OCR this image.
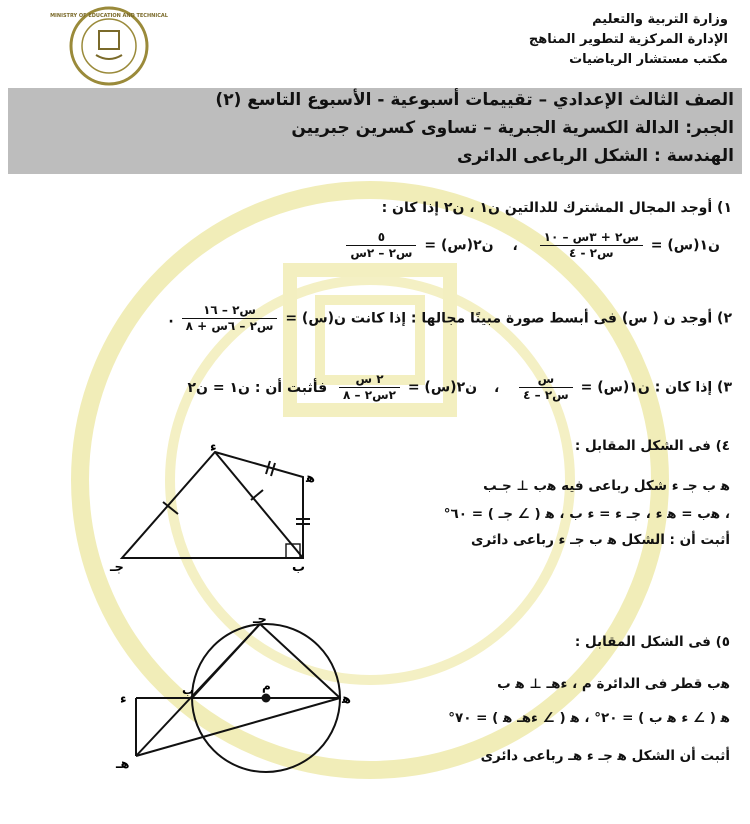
وزارة التربية والتعليم
الإدارة المركزية لتطوير المناهج
مكتب مستشار الرياضيات
MINISTRY OF EDUCATION AND TECHNICAL
الصف الثالث الإعدادي – تقييمات أسبوعية - الأسبوع التاسع (٢)
الجبر: الدالة الكسرية الجبرية – تساوى كسرين جبريين
الهندسة : الشكل الرباعى الدائرى
١) أوجد المجال المشترك للدالتين ن١ ، ن٢ إذا كان :
ن١(س) =
$\frac{\text{س٢ + ٣س – ١٠}}{\text{س٢ - ٤}}$
، ن٢(س) =
$\frac{٥}{\text{س٢ – ٢س}}$
٢) أوجد ن ( س) فى أبسط صورة مبينًا مجالها : إذا كانت ن(س) =
$\frac{\text{س٢ – ١٦}}{\text{س٢ – ٦س + ٨}}$
.
٣) إذا كان : ن١(س) =
$\frac{\text{س}}{\text{س٢ – ٤}}$
، ن٢(س) =
$\frac{\text{٢ س}}{\text{٢س٢ – ٨}}$
فأثبت أن : ن١ = ن٢
٤) فى الشكل المقابل :
ﻫ ب جـ ء شكل رباعى فيه ﻫب ⊥ جـب
، ﻫب = ﻫ ء ، جـ ء = ء ب ، ﻫ ( ∠ جـ ) = ٦٠°
أثبت أن : الشكل ﻫ ب جـ ء رباعى دائرى
ء
ﻫ
ب
جـ
٥) فى الشكل المقابل :
ﻫب قطر فى الدائرة م ، ءهـ ⊥ ﻫ ب
ﻫ ( ∠ ء ﻫ ب ) = ٢٠° ، ﻫ ( ∠ ءهـ ﻫ ) = ٧٠°
أثبت أن الشكل ﻫ جـ ء هـ رباعى دائرى
جـ
م
ﻫ
ب
ء
هـ
